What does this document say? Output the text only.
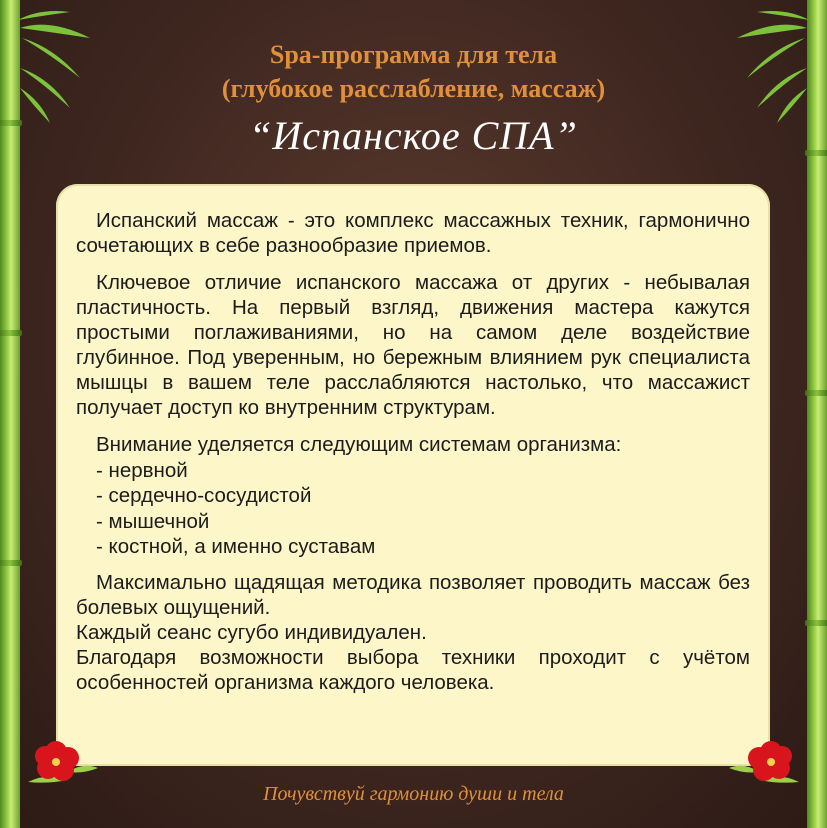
Spa-программа для тела
(глубокое расслабление, массаж)
“Испанское СПА”

Испанский массаж - это комплекс массажных техник, гармонично сочетающих в себе разнообразие приемов.

Ключевое отличие испанского массажа от других - небывалая пластичность. На первый взгляд, движения мастера кажутся простыми поглаживаниями, но на самом деле воздействие глубинное. Под уверенным, но бережным влиянием рук специалиста мышцы в вашем теле расслабляются настолько, что массажист получает доступ ко внутренним структурам.

Внимание уделяется следующим системам организма:
- нервной
- сердечно-сосудистой
- мышечной
- костной, а именно суставам
Максимально щадящая методика позволяет проводить массаж без болевых ощущений.
Каждый сеанс сугубо индивидуален.
Благодаря возможности выбора техники проходит с учётом особенностей организма каждого человека.
Почувствуй гармонию души и тела
